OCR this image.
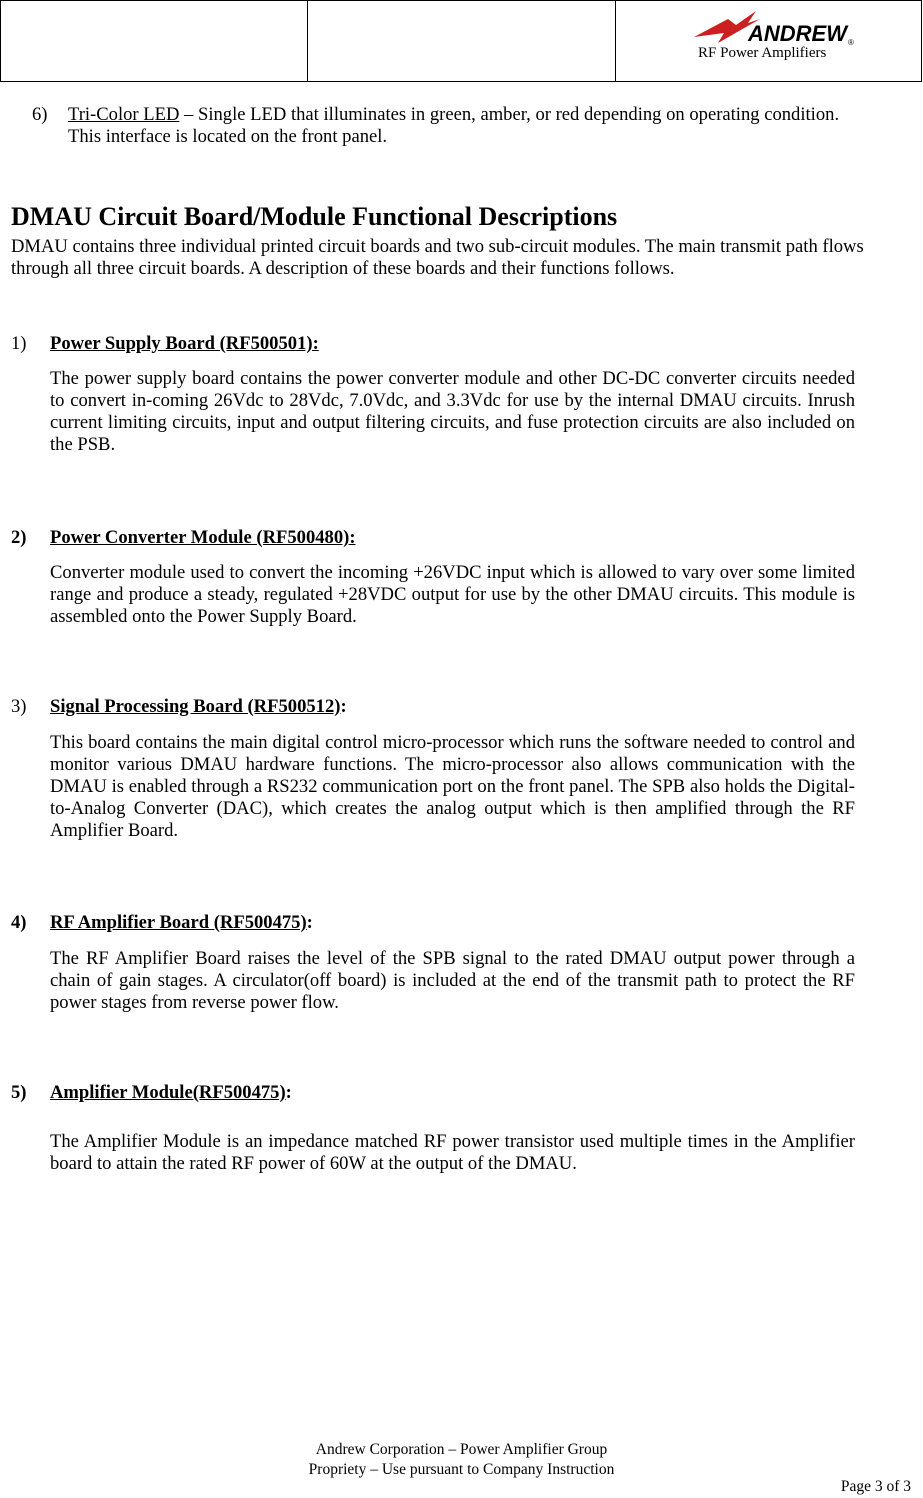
ANDREW ®
RF Power Amplifiers
6) Tri-Color LED – Single LED that illuminates in green, amber, or red depending on operating condition. This interface is located on the front panel.
DMAU Circuit Board/Module Functional Descriptions
DMAU contains three individual printed circuit boards and two sub-circuit modules. The main transmit path flows through all three circuit boards. A description of these boards and their functions follows.
1) Power Supply Board (RF500501):
The power supply board contains the power converter module and other DC-DC converter circuits needed to convert in-coming 26Vdc to 28Vdc, 7.0Vdc, and 3.3Vdc for use by the internal DMAU circuits. Inrush current limiting circuits, input and output filtering circuits, and fuse protection circuits are also included on the PSB.
2) Power Converter Module (RF500480):
Converter module used to convert the incoming +26VDC input which is allowed to vary over some limited range and produce a steady, regulated +28VDC output for use by the other DMAU circuits. This module is assembled onto the Power Supply Board.
3) Signal Processing Board (RF500512):
This board contains the main digital control micro-processor which runs the software needed to control and monitor various DMAU hardware functions. The micro-processor also allows communication with the DMAU is enabled through a RS232 communication port on the front panel. The SPB also holds the Digital-to-Analog Converter (DAC), which creates the analog output which is then amplified through the RF Amplifier Board.
4) RF Amplifier Board (RF500475):
The RF Amplifier Board raises the level of the SPB signal to the rated DMAU output power through a chain of gain stages. A circulator(off board) is included at the end of the transmit path to protect the RF power stages from reverse power flow.
5) Amplifier Module(RF500475):
The Amplifier Module is an impedance matched RF power transistor used multiple times in the Amplifier board to attain the rated RF power of 60W at the output of the DMAU.
Andrew Corporation – Power Amplifier Group
Propriety – Use pursuant to Company Instruction
Page 3 of 3
